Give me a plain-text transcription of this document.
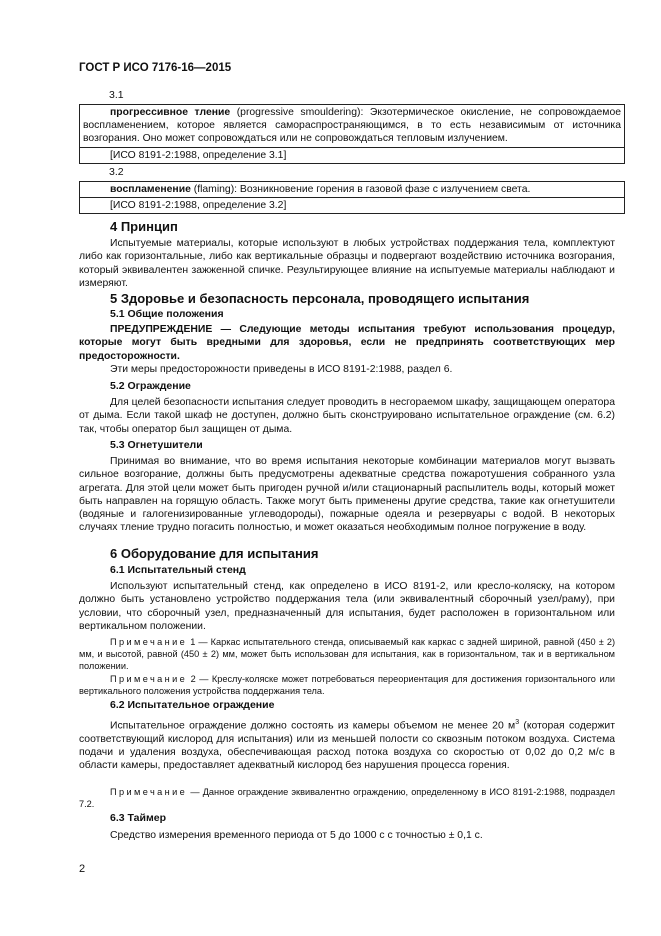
ГОСТ Р ИСО 7176-16—2015
3.1
прогрессивное тление (progressive smouldering): Экзотермическое окисление, не сопровождаемое воспламенением, которое является самораспространяющимся, в то есть независимым от источника возгорания. Оно может сопровождаться или не сопровождаться тепловым излучением.
[ИСО 8191-2:1988, определение 3.1]
3.2
воспламенение (flaming): Возникновение горения в газовой фазе с излучением света.
[ИСО 8191-2:1988, определение 3.2]
4 Принцип

Испытуемые материалы, которые используют в любых устройствах поддержания тела, комплектуют либо как горизонтальные, либо как вертикальные образцы и подвергают воздействию источника возгорания, который эквивалентен зажженной спичке. Результирующее влияние на испытуемые материалы наблюдают и измеряют.

5 Здоровье и безопасность персонала, проводящего испытания
5.1 Общие положения

ПРЕДУПРЕЖДЕНИЕ — Следующие методы испытания требуют использования процедур, которые могут быть вредными для здоровья, если не предпринять соответствующих мер предосторожности.

Эти меры предосторожности приведены в ИСО 8191-2:1988, раздел 6.

5.2 Ограждение

Для целей безопасности испытания следует проводить в несгораемом шкафу, защищающем оператора от дыма. Если такой шкаф не доступен, должно быть сконструировано испытательное ограждение (см. 6.2) так, чтобы оператор был защищен от дыма.

5.3 Огнетушители

Принимая во внимание, что во время испытания некоторые комбинации материалов могут вызвать сильное возгорание, должны быть предусмотрены адекватные средства пожаротушения собранного узла агрегата. Для этой цели может быть пригоден ручной и/или стационарный распылитель воды, который может быть направлен на горящую область. Также могут быть применены другие средства, такие как огнетушители (водяные и галогенизированные углеводороды), пожарные одеяла и резервуары с водой. В некоторых случаях тление трудно погасить полностью, и может оказаться необходимым полное погружение в воду.

6 Оборудование для испытания
6.1 Испытательный стенд

Используют испытательный стенд, как определено в ИСО 8191-2, или кресло-коляску, на котором должно быть установлено устройство поддержания тела (или эквивалентный сборочный узел/раму), при условии, что сборочный узел, предназначенный для испытания, будет расположен в горизонтальном или вертикальном положении.

Примечание 1 — Каркас испытательного стенда, описываемый как каркас с задней шириной, равной (450 ± 2) мм, и высотой, равной (450 ± 2) мм, может быть использован для испытания, как в горизонтальном, так и в вертикальном положении.

Примечание 2 — Креслу-коляске может потребоваться переориентация для достижения горизонтального или вертикального положения устройства поддержания тела.

6.2 Испытательное ограждение

Испытательное ограждение должно состоять из камеры объемом не менее 20 $м^3$ (которая содержит соответствующий кислород для испытания) или из меньшей полости со сквозным потоком воздуха. Система подачи и удаления воздуха, обеспечивающая расход потока воздуха со скоростью от 0,02 до 0,2 м/с в области камеры, предоставляет адекватный кислород без нарушения процесса горения.

Примечание — Данное ограждение эквивалентно ограждению, определенному в ИСО 8191-2:1988, подраздел 7.2.

6.3 Таймер

Средство измерения временного периода от 5 до 1000 с с точностью ± 0,1 с.

2
